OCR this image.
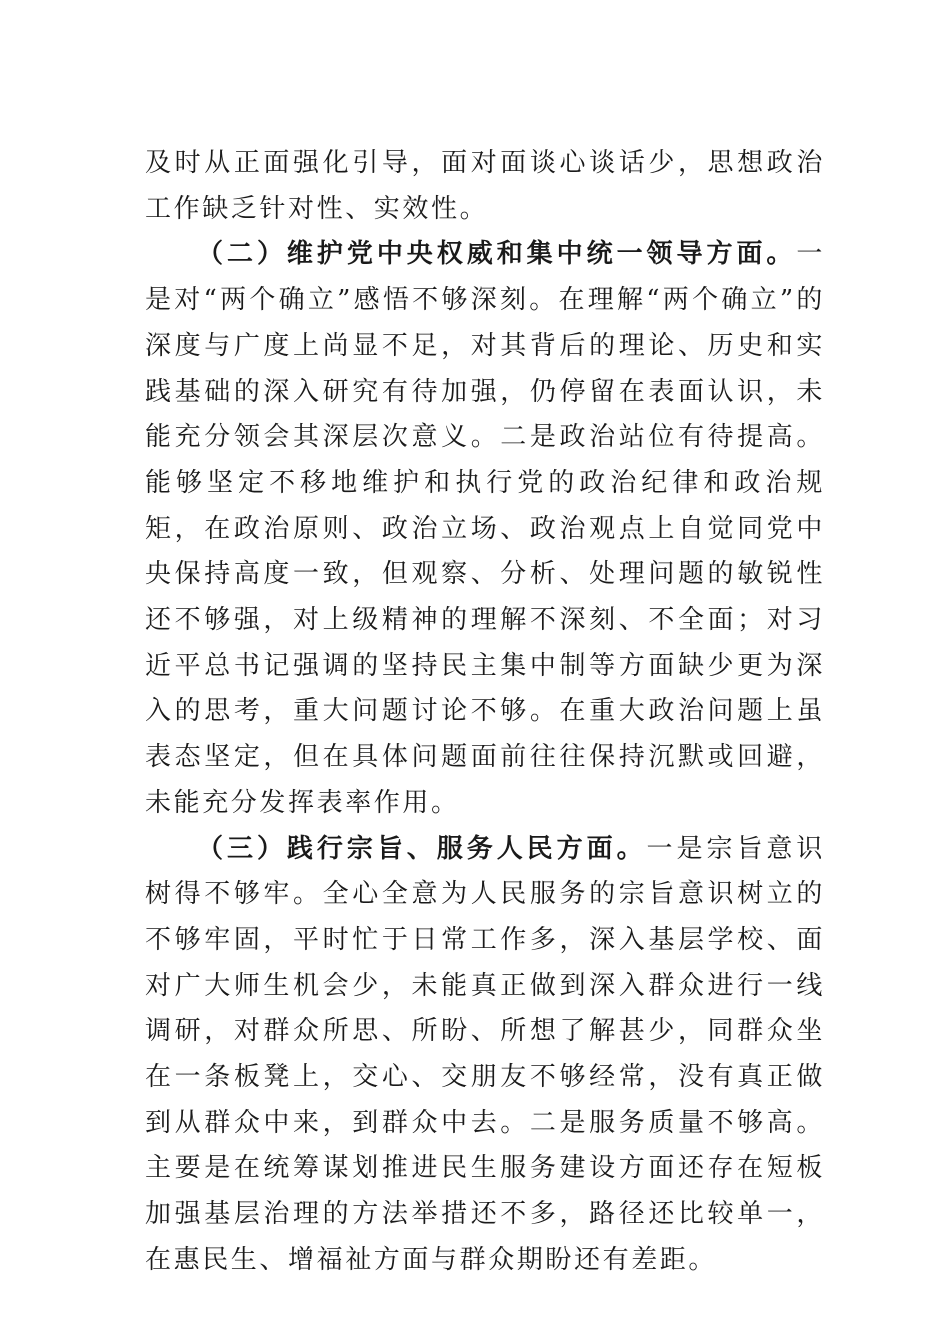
及时从正面强化引导，面对面谈心谈话少，思想政治工作缺乏针对性、实效性。

（二）维护党中央权威和集中统一领导方面。一是对“两个确立”感悟不够深刻。在理解“两个确立”的深度与广度上尚显不足，对其背后的理论、历史和实践基础的深入研究有待加强，仍停留在表面认识，未能充分领会其深层次意义。二是政治站位有待提高。能够坚定不移地维护和执行党的政治纪律和政治规矩，在政治原则、政治立场、政治观点上自觉同党中央保持高度一致，但观察、分析、处理问题的敏锐性还不够强，对上级精神的理解不深刻、不全面；对习近平总书记强调的坚持民主集中制等方面缺少更为深入的思考，重大问题讨论不够。在重大政治问题上虽表态坚定，但在具体问题面前往往保持沉默或回避，未能充分发挥表率作用。

（三）践行宗旨、服务人民方面。一是宗旨意识树得不够牢。全心全意为人民服务的宗旨意识树立的不够牢固，平时忙于日常工作多，深入基层学校、面对广大师生机会少，未能真正做到深入群众进行一线调研，对群众所思、所盼、所想了解甚少，同群众坐在一条板凳上，交心、交朋友不够经常，没有真正做到从群众中来，到群众中去。二是服务质量不够高。主要是在统筹谋划推进民生服务建设方面还存在短板加强基层治理的方法举措还不多，路径还比较单一，在惠民生、增福祉方面与群众期盼还有差距。
